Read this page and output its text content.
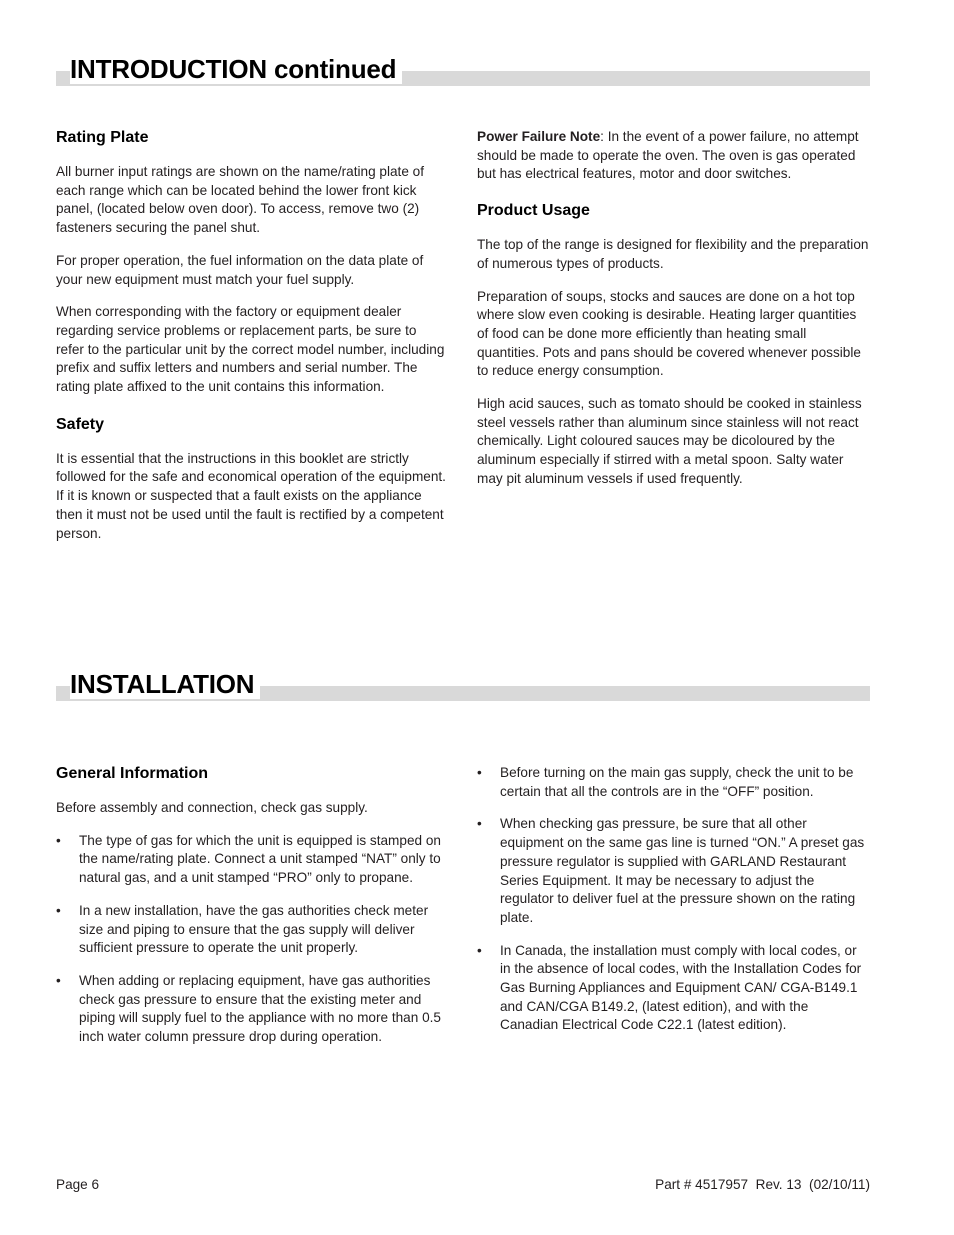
INTRODUCTION continued
Rating Plate

All burner input ratings are shown on the name/rating plate of each range which can be located behind the lower front kick panel, (located below oven door). To access, remove two (2) fasteners securing the panel shut.

For proper operation, the fuel information on the data plate of your new equipment must match your fuel supply.

When corresponding with the factory or equipment dealer regarding service problems or replacement parts, be sure to refer to the particular unit by the correct model number, including prefix and suffix letters and numbers and serial number. The rating plate affixed to the unit contains this information.

Safety

It is essential that the instructions in this booklet are strictly followed for the safe and economical operation of the equipment. If it is known or suspected that a fault exists on the appliance then it must not be used until the fault is rectified by a competent person.

Power Failure Note: In the event of a power failure, no attempt should be made to operate the oven. The oven is gas operated but has electrical features, motor and door switches.

Product Usage

The top of the range is designed for flexibility and the preparation of numerous types of products.

Preparation of soups, stocks and sauces are done on a hot top where slow even cooking is desirable. Heating larger quantities of food can be done more efficiently than heating small quantities. Pots and pans should be covered whenever possible to reduce energy consumption.

High acid sauces, such as tomato should be cooked in stainless steel vessels rather than aluminum since stainless will not react chemically. Light coloured sauces may be dicoloured by the aluminum especially if stirred with a metal spoon. Salty water may pit aluminum vessels if used frequently.

INSTALLATION
General Information

Before assembly and connection, check gas supply.

• The type of gas for which the unit is equipped is stamped on the name/rating plate. Connect a unit stamped “NAT” only to natural gas, and a unit stamped “PRO” only to propane.
• In a new installation, have the gas authorities check meter size and piping to ensure that the gas supply will deliver sufficient pressure to operate the unit properly.
• When adding or replacing equipment, have gas authorities check gas pressure to ensure that the existing meter and piping will supply fuel to the appliance with no more than 0.5 inch water column pressure drop during operation.
• Before turning on the main gas supply, check the unit to be certain that all the controls are in the “OFF” position.
• When checking gas pressure, be sure that all other equipment on the same gas line is turned “ON.” A preset gas pressure regulator is supplied with GARLAND Restaurant Series Equipment. It may be necessary to adjust the regulator to deliver fuel at the pressure shown on the rating plate.
• In Canada, the installation must comply with local codes, or in the absence of local codes, with the Installation Codes for Gas Burning Appliances and Equipment CAN/ CGA-B149.1 and CAN/CGA B149.2, (latest edition), and with the Canadian Electrical Code C22.1 (latest edition).
Page 6	Part # 4517957  Rev. 13  (02/10/11)
